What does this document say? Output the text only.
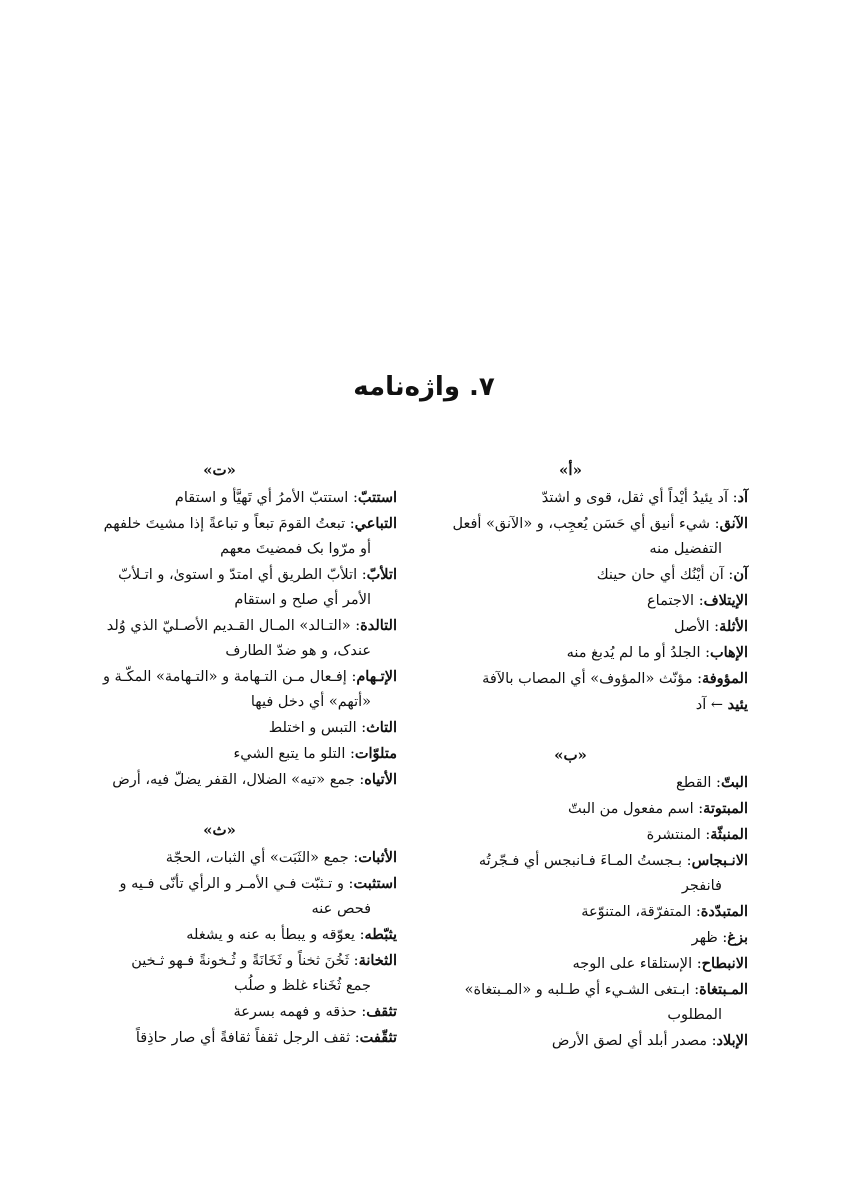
۷. واژه‌نامه
«أ»
آد: آد يئيدُ أيْداً أي ثقل، قوى و اشتدّ
الآنق: شيء أنيق أي حَسَن يُعجِب، و «الآنق» أفعل
التفضيل منه
آن: آن أيْنُك أي حان حينك
الإيتلاف: الاجتماع
الأثلة: الأصل
الإهاب: الجلدُ أو ما لم يُدبغ منه
المؤوفة: مؤنّث «المؤوف» أي المصاب بالآفة
يئيد ← آد
«ب»
البتّ: القطع
المبتوتة: اسم مفعول من البتّ
المنبثّة: المنتشرة
الانـبجاس: بـجستُ المـاءَ فـانبجس أي فـجّرتُه
فانفجر
المتبدّدة: المتفرّقة، المتنوّعة
بزغ: ظهر
الانبطاح: الإستلقاء على الوجه
المـبتغاة: ابـتغى الشـيء أي طـلبه و «المـبتغاة»
المطلوب
الإبلاد: مصدر أبلد أي لصق الأرض
«ت»
استتبّ: استتبّ الأمرُ أي تَهيَّأ و استقام
التباعي: تبعتُ القومَ تبعاً و تباعةً إذا مشيتَ خلفهم
أو مرّوا بک فمضيتَ معهم
اتلأبّ: اتلأبّ الطريق أي امتدّ و استوىٰ، و اتـلأبّ
الأمر أي صلح و استقام
التالدة: «التـالد» المـال القـديم الأصـليّ الذي وُلد
عندک، و هو ضدّ الطارف
الإتـهام: إفـعال مـن التـهامة و «التـهامة» المكّـة و
«أتهم» أي دخل فيها
التاث: التبس و اختلط
متلوّات: التلو ما يتبع الشيء
الأتياه: جمع «تيه» الضلال، القفر يضلّ فيه، أرض
«ث»
الأثبات: جمع «الثَبَت» أي الثبات، الحجّة
استثبت: و تـثبّت فـي الأمـر و الرأي تأنّى فـيه و
فحص عنه
يثبّطه: يعوّقه و يبطأ به عنه و يشغله
الثخانة: ثَخُنَ ثخناً و ثَخَانَةً و ثُـخونةً فـهو ثـخين
جمع ثُخَناء غلظ و صلُب
تثقف: حذقه و فهمه بسرعة
تثقّفت: ثقف الرجل ثقفاً ثقافةً أي صار حاذِقاً
